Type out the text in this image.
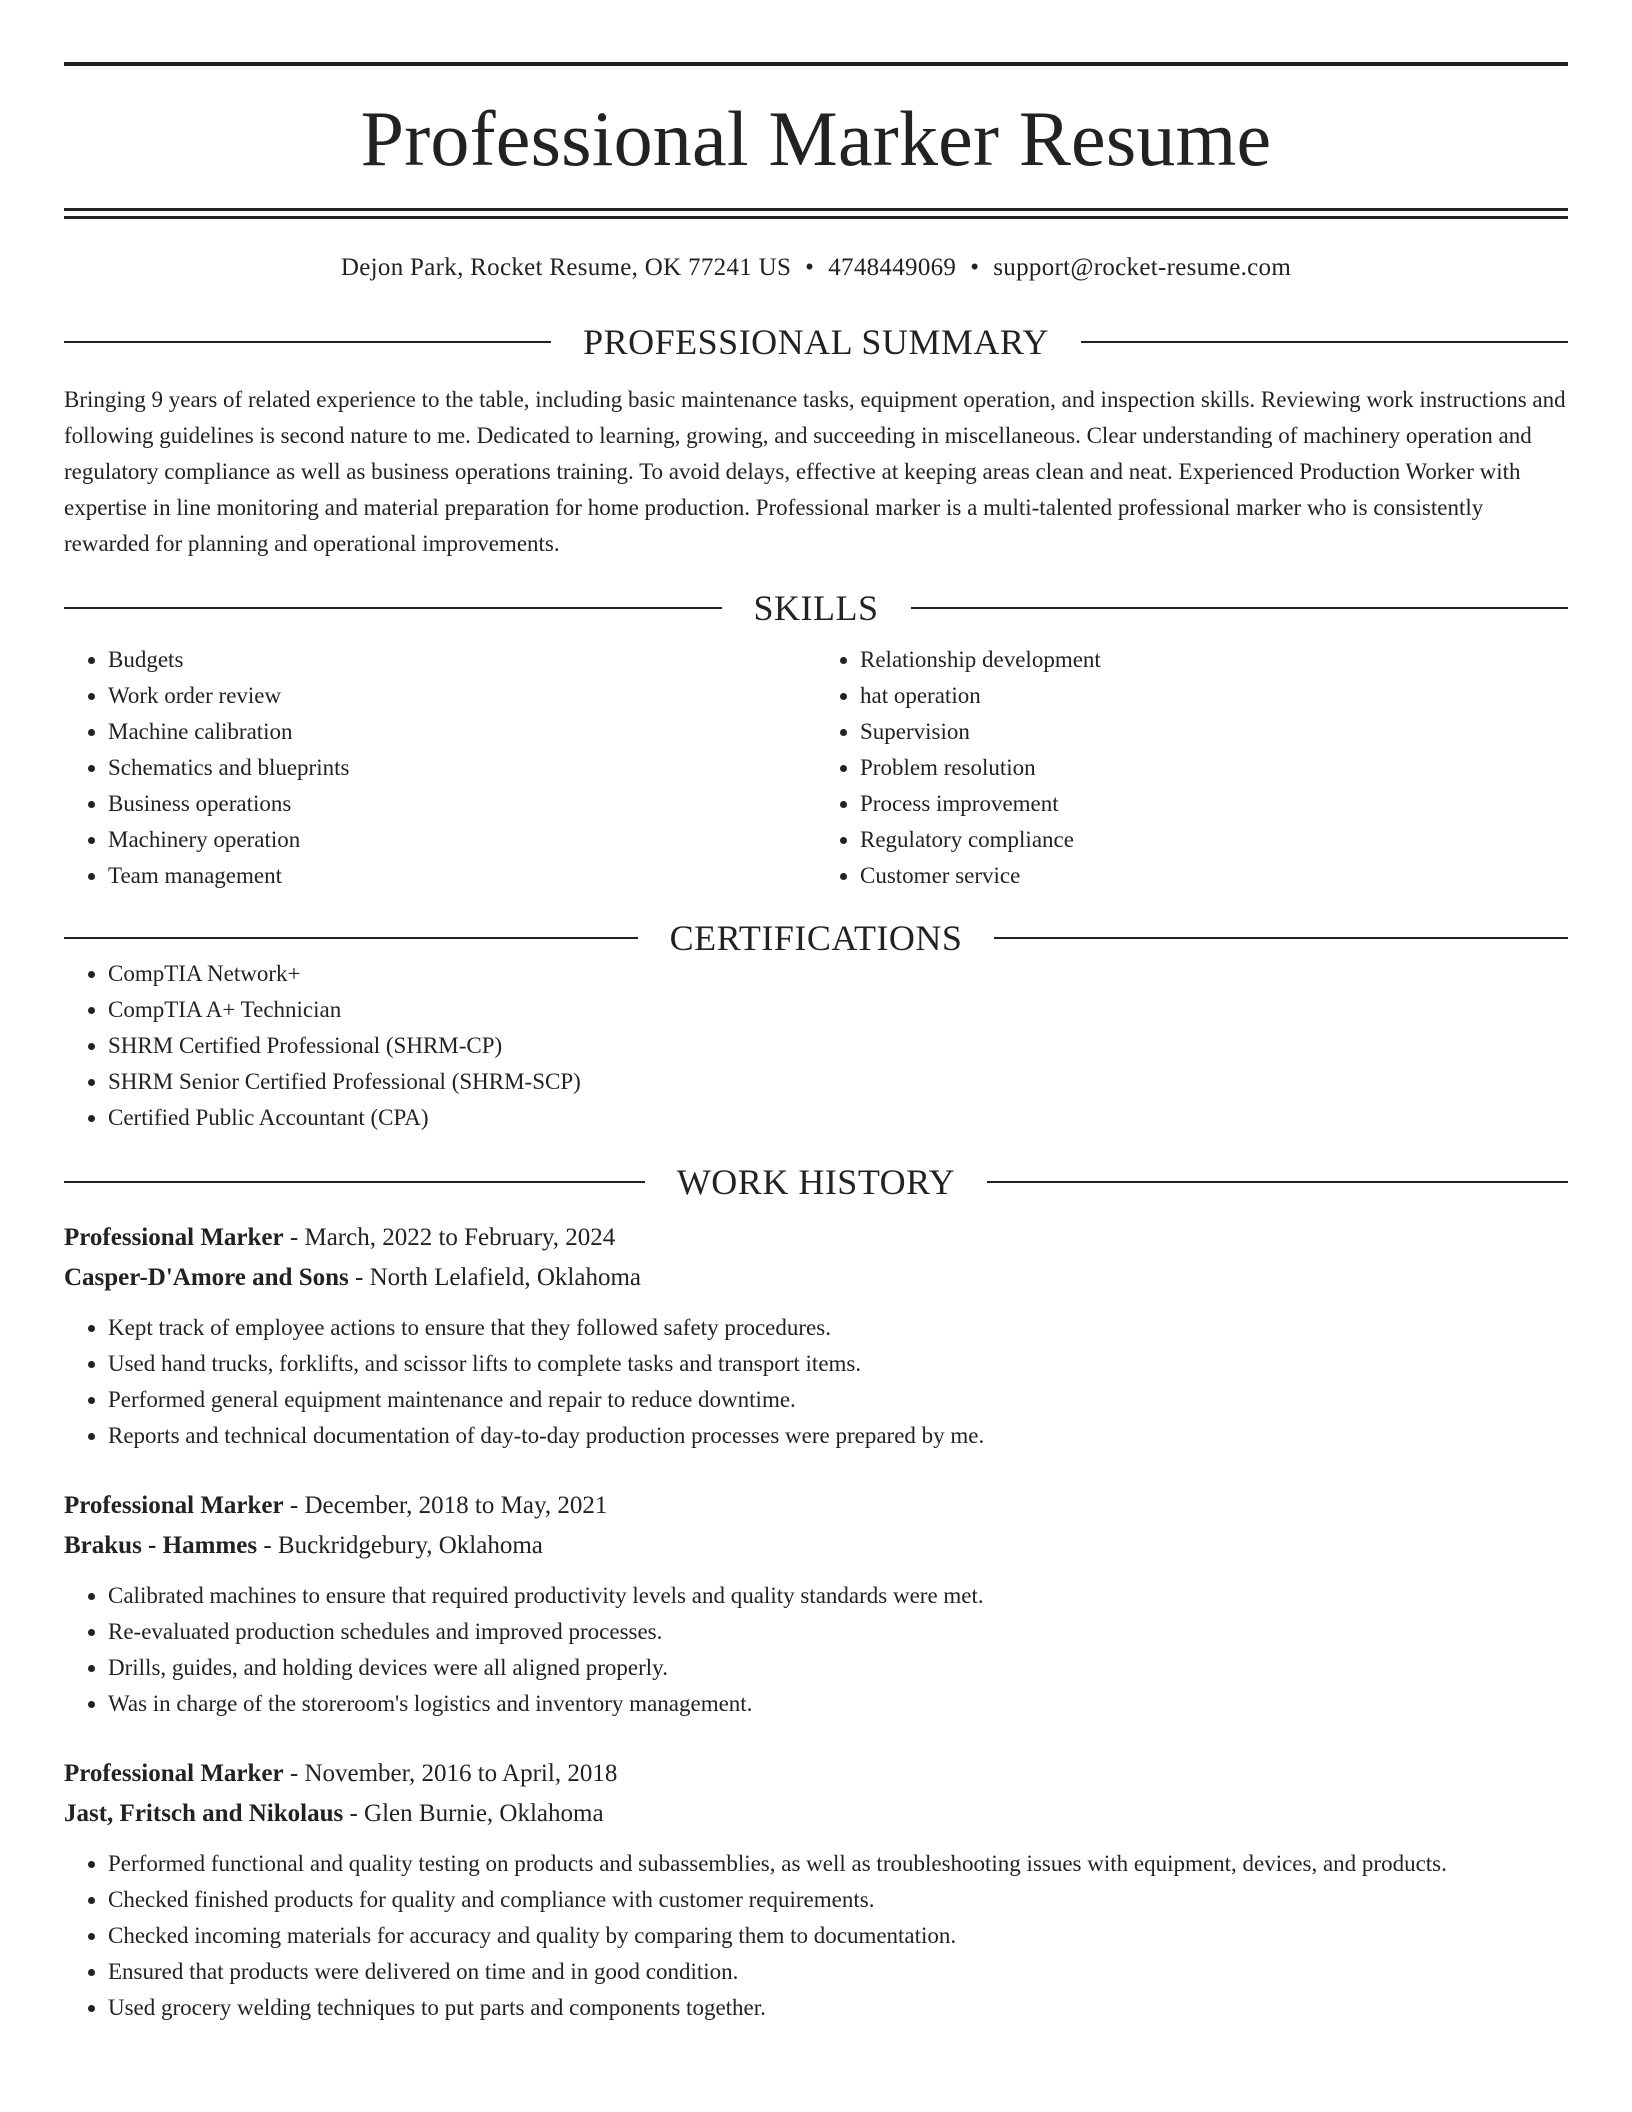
Professional Marker Resume
Dejon Park, Rocket Resume, OK 77241 US • 4748449069 • support@rocket-resume.com
PROFESSIONAL SUMMARY

Bringing 9 years of related experience to the table, including basic maintenance tasks, equipment operation, and inspection skills. Reviewing work instructions and following guidelines is second nature to me. Dedicated to learning, growing, and succeeding in miscellaneous. Clear understanding of machinery operation and regulatory compliance as well as business operations training. To avoid delays, effective at keeping areas clean and neat. Experienced Production Worker with expertise in line monitoring and material preparation for home production. Professional marker is a multi-talented professional marker who is consistently rewarded for planning and operational improvements.

SKILLS
• Budgets
• Work order review
• Machine calibration
• Schematics and blueprints
• Business operations
• Machinery operation
• Team management
• Relationship development
• hat operation
• Supervision
• Problem resolution
• Process improvement
• Regulatory compliance
• Customer service
CERTIFICATIONS
• CompTIA Network+
• CompTIA A+ Technician
• SHRM Certified Professional (SHRM-CP)
• SHRM Senior Certified Professional (SHRM-SCP)
• Certified Public Accountant (CPA)
WORK HISTORY
Professional Marker - March, 2022 to February, 2024
Casper-D'Amore and Sons - North Lelafield, Oklahoma
• Kept track of employee actions to ensure that they followed safety procedures.
• Used hand trucks, forklifts, and scissor lifts to complete tasks and transport items.
• Performed general equipment maintenance and repair to reduce downtime.
• Reports and technical documentation of day-to-day production processes were prepared by me.
Professional Marker - December, 2018 to May, 2021
Brakus - Hammes - Buckridgebury, Oklahoma
• Calibrated machines to ensure that required productivity levels and quality standards were met.
• Re-evaluated production schedules and improved processes.
• Drills, guides, and holding devices were all aligned properly.
• Was in charge of the storeroom's logistics and inventory management.
Professional Marker - November, 2016 to April, 2018
Jast, Fritsch and Nikolaus - Glen Burnie, Oklahoma
• Performed functional and quality testing on products and subassemblies, as well as troubleshooting issues with equipment, devices, and products.
• Checked finished products for quality and compliance with customer requirements.
• Checked incoming materials for accuracy and quality by comparing them to documentation.
• Ensured that products were delivered on time and in good condition.
• Used grocery welding techniques to put parts and components together.
